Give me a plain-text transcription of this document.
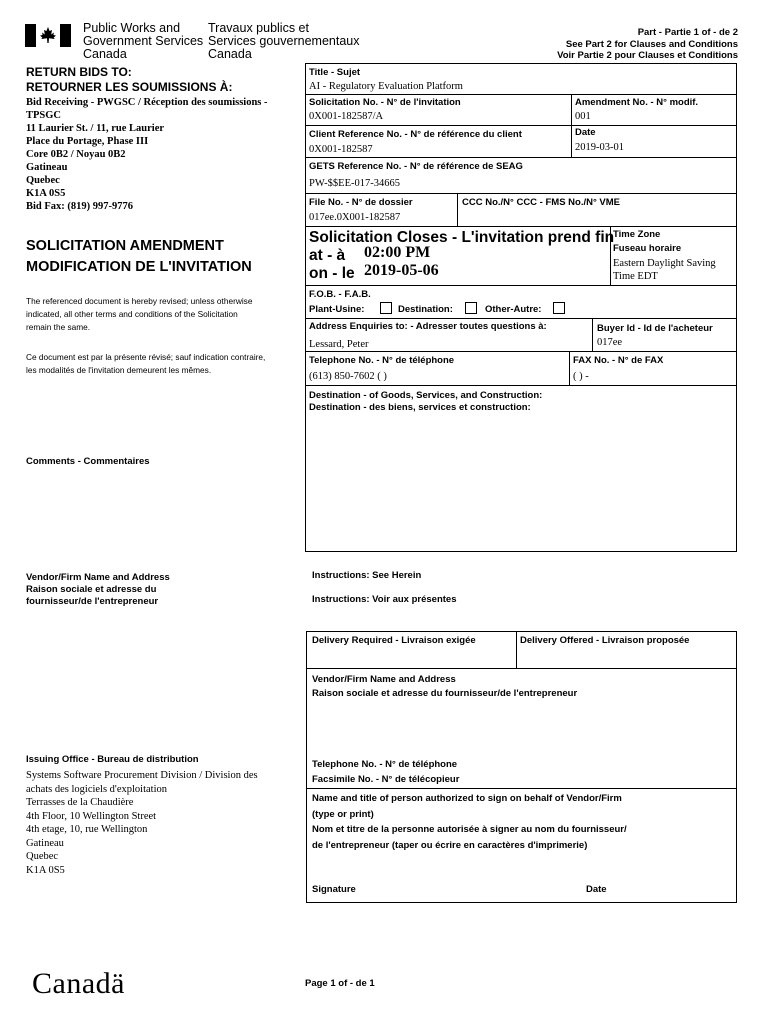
Public Works and
Government Services
Canada
Travaux publics et
Services gouvernementaux
Canada
Part - Partie 1 of - de 2
See Part 2 for Clauses and Conditions
Voir Partie 2 pour Clauses et Conditions
RETURN BIDS TO:
RETOURNER LES SOUMISSIONS À:
Bid Receiving - PWGSC / Réception des soumissions -
TPSGC
11 Laurier St. / 11, rue Laurier
Place du Portage, Phase III
Core 0B2 / Noyau 0B2
Gatineau
Quebec
K1A 0S5
Bid Fax: (819) 997-9776
SOLICITATION AMENDMENT
MODIFICATION DE L'INVITATION
The referenced document is hereby revised; unless otherwise
indicated, all other terms and conditions of the Solicitation
remain the same.
Ce document est par la présente révisé; sauf indication contraire,
les modalités de l'invitation demeurent les mêmes.
Comments - Commentaires
Vendor/Firm Name and Address
Raison sociale et adresse du
fournisseur/de l'entrepreneur
Issuing Office - Bureau de distribution
Systems Software Procurement Division / Division des
achats des logiciels d'exploitation
Terrasses de la Chaudière
4th Floor, 10 Wellington Street
4th etage, 10, rue Wellington
Gatineau
Quebec
K1A 0S5
Title - Sujet
AI - Regulatory Evaluation Platform
Solicitation No. - N° de l'invitation
0X001-182587/A
Amendment No. - N° modif.
001
Client Reference No. - N° de référence du client
0X001-182587
Date
2019-03-01
GETS Reference No. - N° de référence de SEAG
PW-$$EE-017-34665
File No. - N° de dossier
017ee.0X001-182587
CCC No./N° CCC - FMS No./N° VME
Solicitation Closes - L'invitation prend fin
at - à 02:00 PM
on - le 2019-05-06
Time Zone
Fuseau horaire
Eastern Daylight Saving
Time EDT
F.O.B. - F.A.B.
Plant-Usine:	Destination:	Other-Autre:
Address Enquiries to: - Adresser toutes questions à:
Lessard, Peter
Buyer Id - Id de l'acheteur
017ee
Telephone No. - N° de téléphone
(613) 850-7602 ( )
FAX No. - N° de FAX
( ) -
Destination - of Goods, Services, and Construction:
Destination - des biens, services et construction:
Instructions: See Herein
Instructions: Voir aux présentes
Delivery Required - Livraison exigée	Delivery Offered - Livraison proposée
Vendor/Firm Name and Address
Raison sociale et adresse du fournisseur/de l'entrepreneur
Telephone No. - N° de téléphone
Facsimile No. - N° de télécopieur
Name and title of person authorized to sign on behalf of Vendor/Firm
(type or print)
Nom et titre de la personne autorisée à signer au nom du fournisseur/
de l'entrepreneur (taper ou écrire en caractères d'imprimerie)
Signature	Date
Canadä	Page 1 of - de 1
